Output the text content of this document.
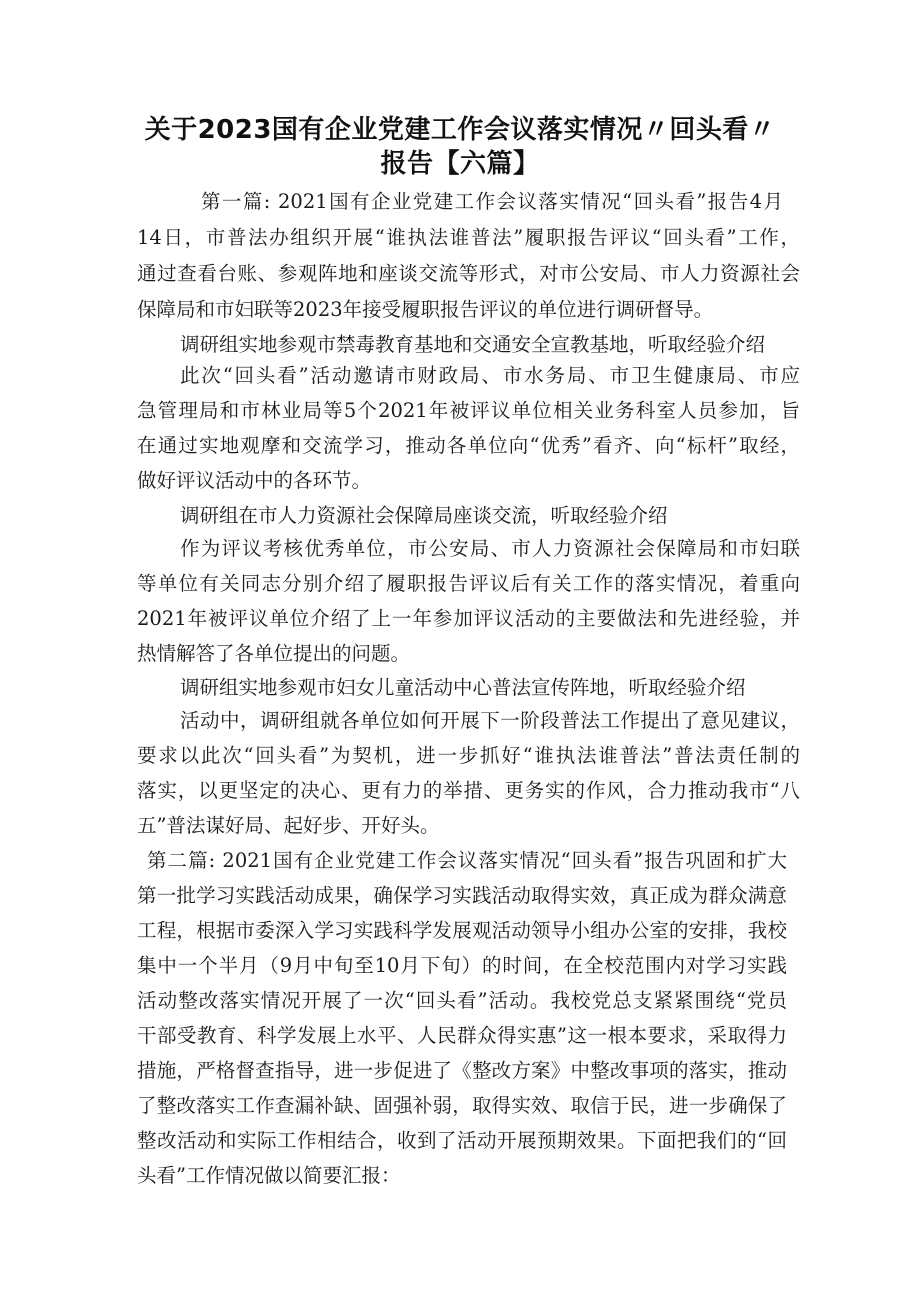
关于2023国有企业党建工作会议落实情况〃回头看〃
报告【六篇】
第一篇: 2021国有企业党建工作会议落实情况“回头看”报告4月
14日，市普法办组织开展“谁执法谁普法”履职报告评议“回头看”工作，
通过查看台账、参观阵地和座谈交流等形式，对市公安局、市人力资源社会
保障局和市妇联等2023年接受履职报告评议的单位进行调研督导。
调研组实地参观市禁毒教育基地和交通安全宣教基地，听取经验介绍
此次“回头看”活动邀请市财政局、市水务局、市卫生健康局、市应
急管理局和市林业局等5个2021年被评议单位相关业务科室人员参加，旨
在通过实地观摩和交流学习，推动各单位向“优秀”看齐、向“标杆”取经，
做好评议活动中的各环节。
调研组在市人力资源社会保障局座谈交流，听取经验介绍
作为评议考核优秀单位，市公安局、市人力资源社会保障局和市妇联
等单位有关同志分别介绍了履职报告评议后有关工作的落实情况，着重向
2021年被评议单位介绍了上一年参加评议活动的主要做法和先进经验，并
热情解答了各单位提出的问题。
调研组实地参观市妇女儿童活动中心普法宣传阵地，听取经验介绍
活动中，调研组就各单位如何开展下一阶段普法工作提出了意见建议，
要求以此次“回头看”为契机，进一步抓好“谁执法谁普法”普法责任制的
落实，以更坚定的决心、更有力的举措、更务实的作风，合力推动我市“八
五”普法谋好局、起好步、开好头。
第二篇: 2021国有企业党建工作会议落实情况“回头看”报告巩固和扩大
第一批学习实践活动成果，确保学习实践活动取得实效，真正成为群众满意
工程，根据市委深入学习实践科学发展观活动领导小组办公室的安排，我校
集中一个半月（9月中旬至10月下旬）的时间，在全校范围内对学习实践
活动整改落实情况开展了一次“回头看”活动。我校党总支紧紧围绕“党员
干部受教育、科学发展上水平、人民群众得实惠”这一根本要求，采取得力
措施，严格督查指导，进一步促进了《整改方案》中整改事项的落实，推动
了整改落实工作查漏补缺、固强补弱，取得实效、取信于民，进一步确保了
整改活动和实际工作相结合，收到了活动开展预期效果。下面把我们的“回
头看”工作情况做以简要汇报：
